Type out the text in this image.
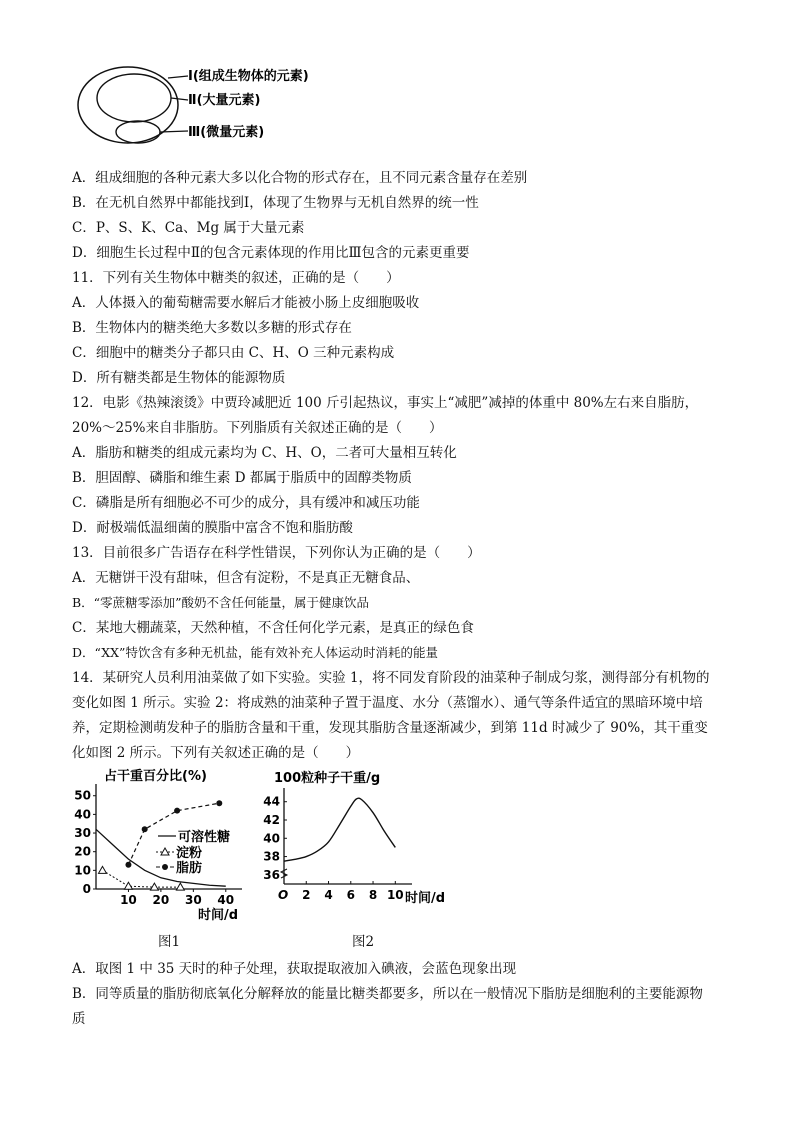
Ⅰ(组成生物体的元素)
Ⅱ(大量元素)
Ⅲ(微量元素)
A．组成细胞的各种元素大多以化合物的形式存在，且不同元素含量存在差别
B．在无机自然界中都能找到Ⅰ，体现了生物界与无机自然界的统一性
C．P、S、K、Ca、Mg 属于大量元素
D．细胞生长过程中Ⅱ的包含元素体现的作用比Ⅲ包含的元素更重要
11．下列有关生物体中糖类的叙述，正确的是（　　）
A．人体摄入的葡萄糖需要水解后才能被小肠上皮细胞吸收
B．生物体内的糖类绝大多数以多糖的形式存在
C．细胞中的糖类分子都只由 C、H、O 三种元素构成
D．所有糖类都是生物体的能源物质
12．电影《热辣滚烫》中贾玲减肥近 100 斤引起热议，事实上“减肥”减掉的体重中 80%左右来自脂肪，
20%～25%来自非脂肪。下列脂质有关叙述正确的是（　　）
A．脂肪和糖类的组成元素均为 C、H、O，二者可大量相互转化
B．胆固醇、磷脂和维生素 D 都属于脂质中的固醇类物质
C．磷脂是所有细胞必不可少的成分，具有缓冲和减压功能
D．耐极端低温细菌的膜脂中富含不饱和脂肪酸
13．目前很多广告语存在科学性错误，下列你认为正确的是（　　）
A．无糖饼干没有甜味，但含有淀粉，不是真正无糖食品、
B．“零蔗糖零添加”酸奶不含任何能量，属于健康饮品
C．某地大棚蔬菜，天然种植，不含任何化学元素，是真正的绿色食
D．“XX”特饮含有多种无机盐，能有效补充人体运动时消耗的能量
14．某研究人员利用油菜做了如下实验。实验 1，将不同发育阶段的油菜种子制成匀浆，测得部分有机物的
变化如图 1 所示。实验 2：将成熟的油菜种子置于温度、水分（蒸馏水）、通气等条件适宜的黑暗环境中培
养，定期检测萌发种子的脂肪含量和干重，发现其脂肪含量逐渐减少，到第 11d 时减少了 90%，其干重变
化如图 2 所示。下列有关叙述正确的是（　　）
占干重百分比(%)
0
10
20
30
40
50
10 20 30 40
时间/d
可溶性糖
淀粉
脂肪
100粒种子干重/g
36
38
40
42
44
O 2 4 6 8 10 时间/d
图1	图2
A．取图 1 中 35 天时的种子处理，获取提取液加入碘液，会蓝色现象出现
B．同等质量的脂肪彻底氧化分解释放的能量比糖类都要多，所以在一般情况下脂肪是细胞利的主要能源物
质
